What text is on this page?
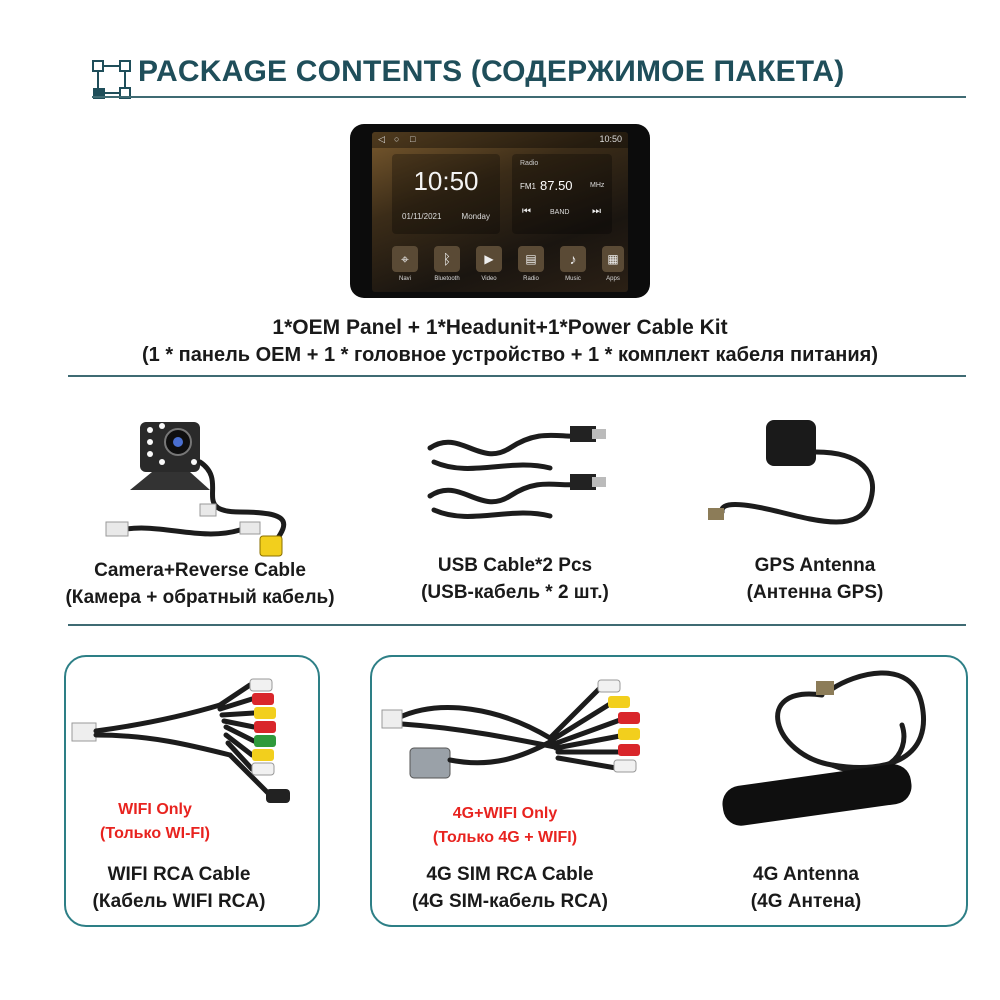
PACKAGE CONTENTS (СОДЕРЖИМОЕ ПАКЕТА)
◁ ○ □	10:50
10:50
01/11/2021	Monday
Radio
FM1 87.50 MHz
⏮	BAND ⏭
⌖	ᛒ	▶	▤	♪	▦
Navi	Bluetooth	Video	Radio	Music	Apps
1*OEM Panel + 1*Headunit+1*Power Cable Kit
(1 * панель OEM + 1 * головное устройство + 1 * комплект кабеля питания)
Camera+Reverse Cable
(Камера + обратный кабель)
USB Cable*2 Pcs
(USB-кабель * 2 шт.)
GPS Antenna
(Антенна GPS)
WIFI Only
(Только WI-FI)
WIFI RCA Cable
(Кабель WIFI RCA)
4G+WIFI Only
(Только 4G + WIFI)
4G SIM RCA Cable
(4G SIM-кабель RCA)
4G Antenna
(4G Антена)
